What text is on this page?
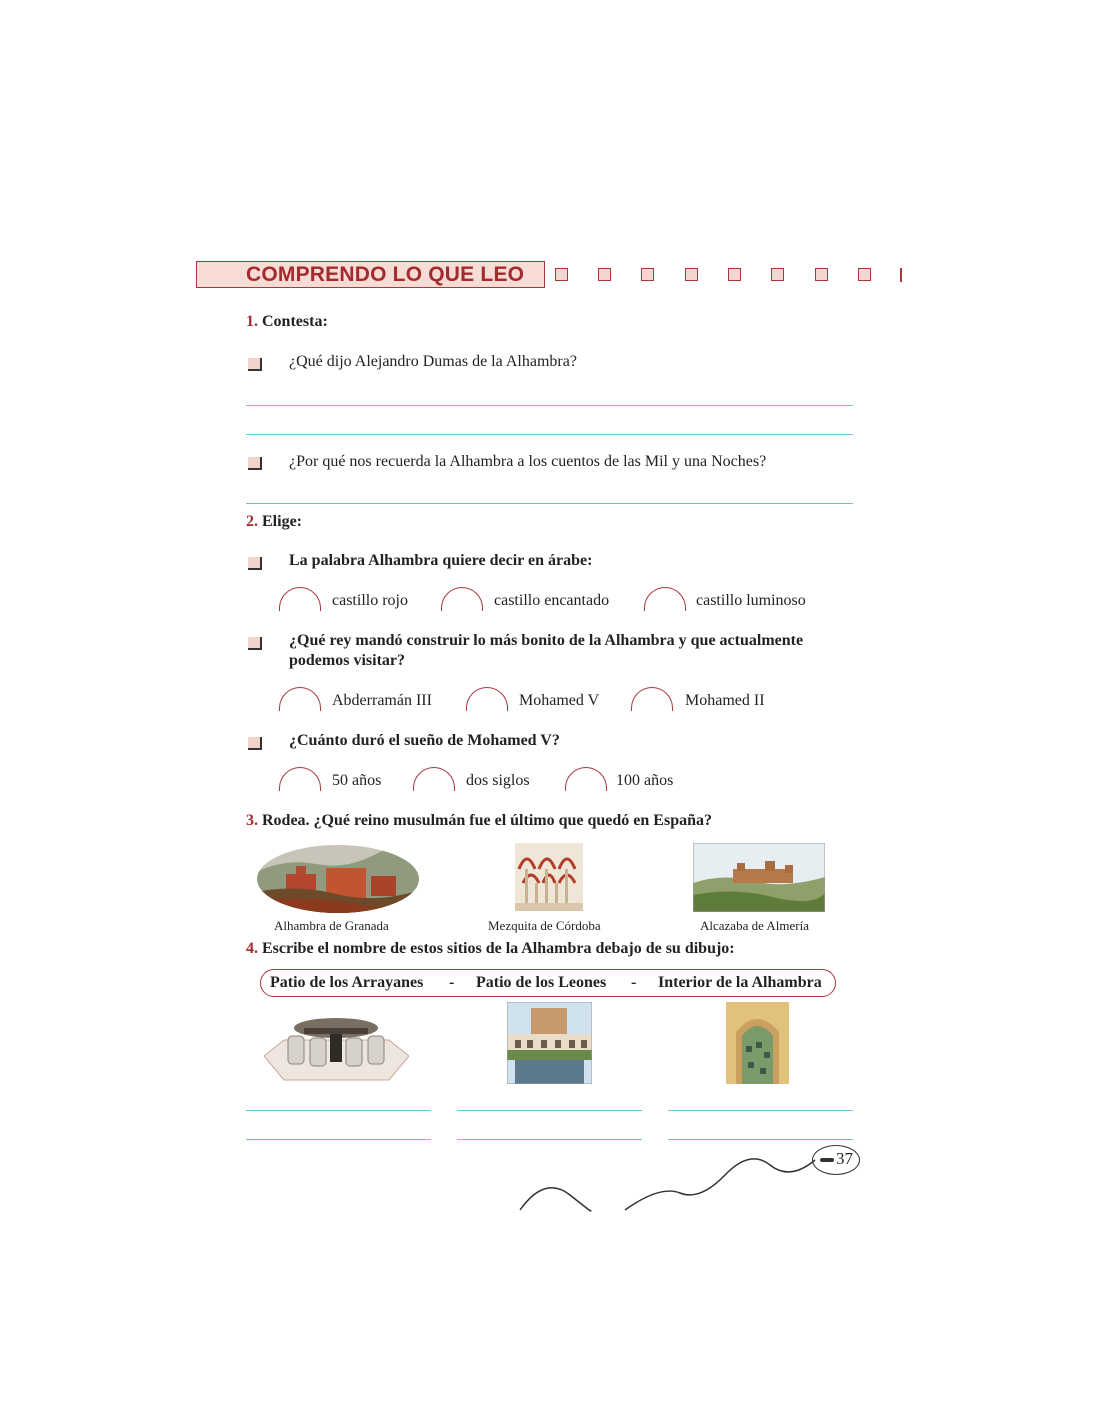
COMPRENDO LO QUE LEO
1. Contesta:
¿Qué dijo Alejandro Dumas de la Alhambra?
¿Por qué nos recuerda la Alhambra a los cuentos de las Mil y una Noches?
2. Elige:
La palabra Alhambra quiere decir en árabe:
castillo rojo	castillo encantado	castillo luminoso
¿Qué rey mandó construir lo más bonito de la Alhambra y que actualmente
podemos visitar?
Abderramán III	Mohamed V	Mohamed II
¿Cuánto duró el sueño de Mohamed V?
50 años	dos siglos	100 años
3. Rodea. ¿Qué reino musulmán fue el último que quedó en España?
Alhambra de Granada	Mezquita de Córdoba	Alcazaba de Almería
4. Escribe el nombre de estos sitios de la Alhambra debajo de su dibujo:
Patio de los Arrayanes - Patio de los Leones - Interior de la Alhambra
37
